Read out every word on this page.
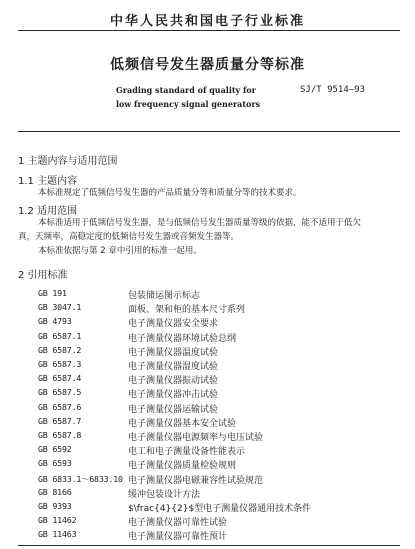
中华人民共和国电子行业标准
低频信号发生器质量分等标准
SJ/T 9514—93
Grading standard of quality for
low frequency signal generators
1 主题内容与适用范围
1.1 主题内容
本标准规定了低频信号发生器的产品质量分等和质量分等的技术要求。
1.2 适用范围
本标准适用于低频信号发生器，是与低频信号发生器质量等级的依据，能不适用于低欠
真，天频率，高稳定度的低频信号发生器或音频发生器等。
本标准依据与第 2 章中引用的标准一起用。
2 引用标准
GB 191	包装储运图示标志
GB 3047.1	面板、架和柜的基本尺寸系列
GB 4793	电子测量仪器安全要求
GB 6587.1	电子测量仪器环境试验总纲
GB 6587.2	电子测量仪器温度试验
GB 6587.3	电子测量仪器湿度试验
GB 6587.4	电子测量仪器振动试验
GB 6587.5	电子测量仪器冲击试验
GB 6587.6	电子测量仪器运输试验
GB 6587.7	电子测量仪器基本安全试验
GB 6587.8	电子测量仪器电源频率与电压试验
GB 6592	电工和电子测量设备性能表示
GB 6593	电子测量仪器质量检验规则
GB 6833.1～6833.10 电子测量仪器电磁兼容性试验规范
GB 8166	缓冲包装设计方法
GB 9393	$\frac{4}{2}$型电子测量仪器通用技术条件
GB 11462	电子测量仪器可靠性试验
GB 11463	电子测量仪器可靠性预计
